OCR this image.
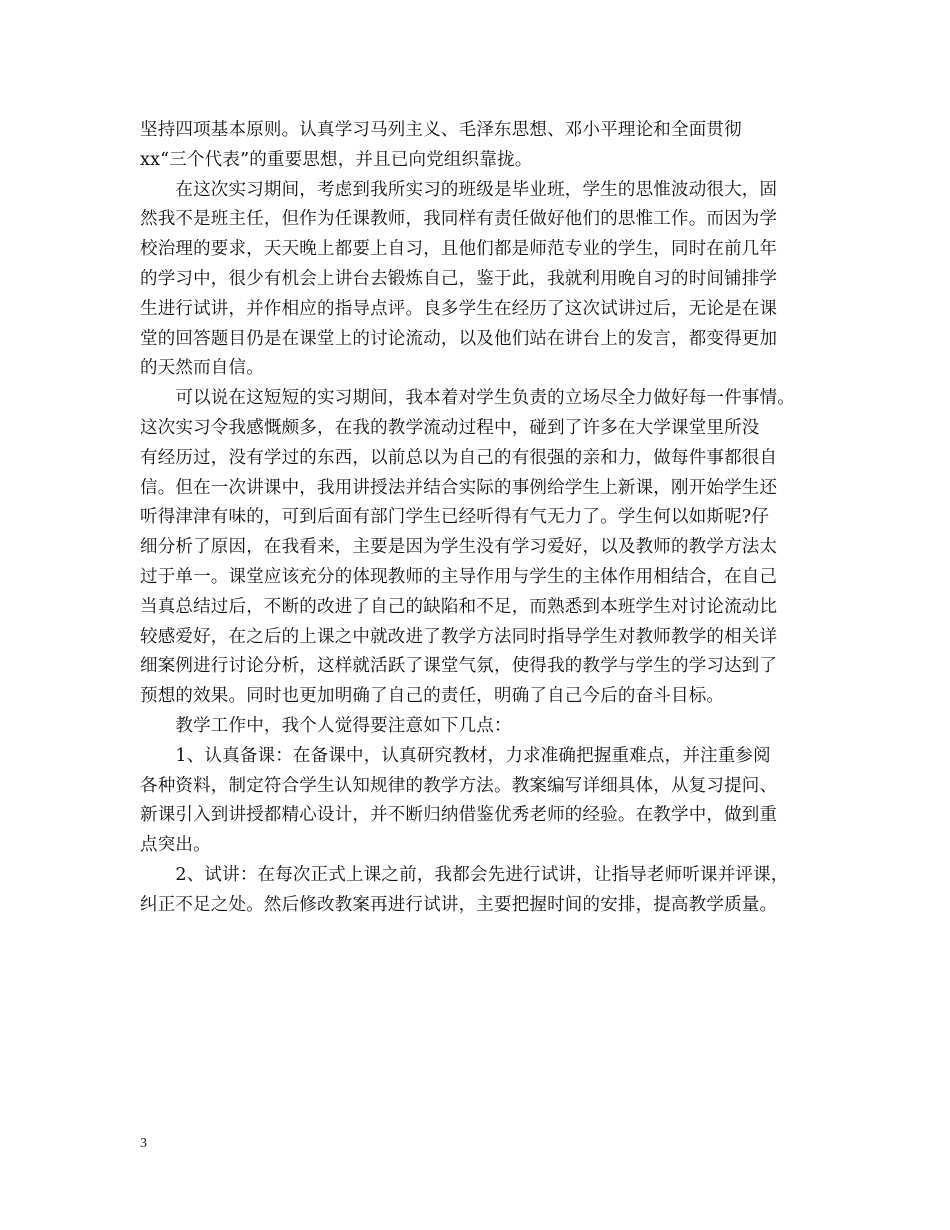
坚持四项基本原则。认真学习马列主义、毛泽东思想、邓小平理论和全面贯彻

xx“三个代表”的重要思想，并且已向党组织靠拢。

　　在这次实习期间，考虑到我所实习的班级是毕业班，学生的思惟波动很大，固

然我不是班主任，但作为任课教师，我同样有责任做好他们的思惟工作。而因为学

校治理的要求，天天晚上都要上自习，且他们都是师范专业的学生，同时在前几年

的学习中，很少有机会上讲台去锻炼自己，鉴于此，我就利用晚自习的时间铺排学

生进行试讲，并作相应的指导点评。良多学生在经历了这次试讲过后，无论是在课

堂的回答题目仍是在课堂上的讨论流动，以及他们站在讲台上的发言，都变得更加

的天然而自信。

　　可以说在这短短的实习期间，我本着对学生负责的立场尽全力做好每一件事情。

这次实习令我感慨颇多，在我的教学流动过程中，碰到了许多在大学课堂里所没

有经历过，没有学过的东西，以前总以为自己的有很强的亲和力，做每件事都很自

信。但在一次讲课中，我用讲授法并结合实际的事例给学生上新课，刚开始学生还

听得津津有味的，可到后面有部门学生已经听得有气无力了。学生何以如斯呢?仔

细分析了原因，在我看来，主要是因为学生没有学习爱好，以及教师的教学方法太

过于单一。课堂应该充分的体现教师的主导作用与学生的主体作用相结合，在自己

当真总结过后，不断的改进了自己的缺陷和不足，而熟悉到本班学生对讨论流动比

较感爱好，在之后的上课之中就改进了教学方法同时指导学生对教师教学的相关详

细案例进行讨论分析，这样就活跃了课堂气氛，使得我的教学与学生的学习达到了

预想的效果。同时也更加明确了自己的责任，明确了自己今后的奋斗目标。

　　教学工作中，我个人觉得要注意如下几点：

　　1、认真备课：在备课中，认真研究教材，力求准确把握重难点，并注重参阅

各种资料，制定符合学生认知规律的教学方法。教案编写详细具体，从复习提问、

新课引入到讲授都精心设计，并不断归纳借鉴优秀老师的经验。在教学中，做到重

点突出。

　　2、试讲：在每次正式上课之前，我都会先进行试讲，让指导老师听课并评课，

纠正不足之处。然后修改教案再进行试讲，主要把握时间的安排，提高教学质量。

3
